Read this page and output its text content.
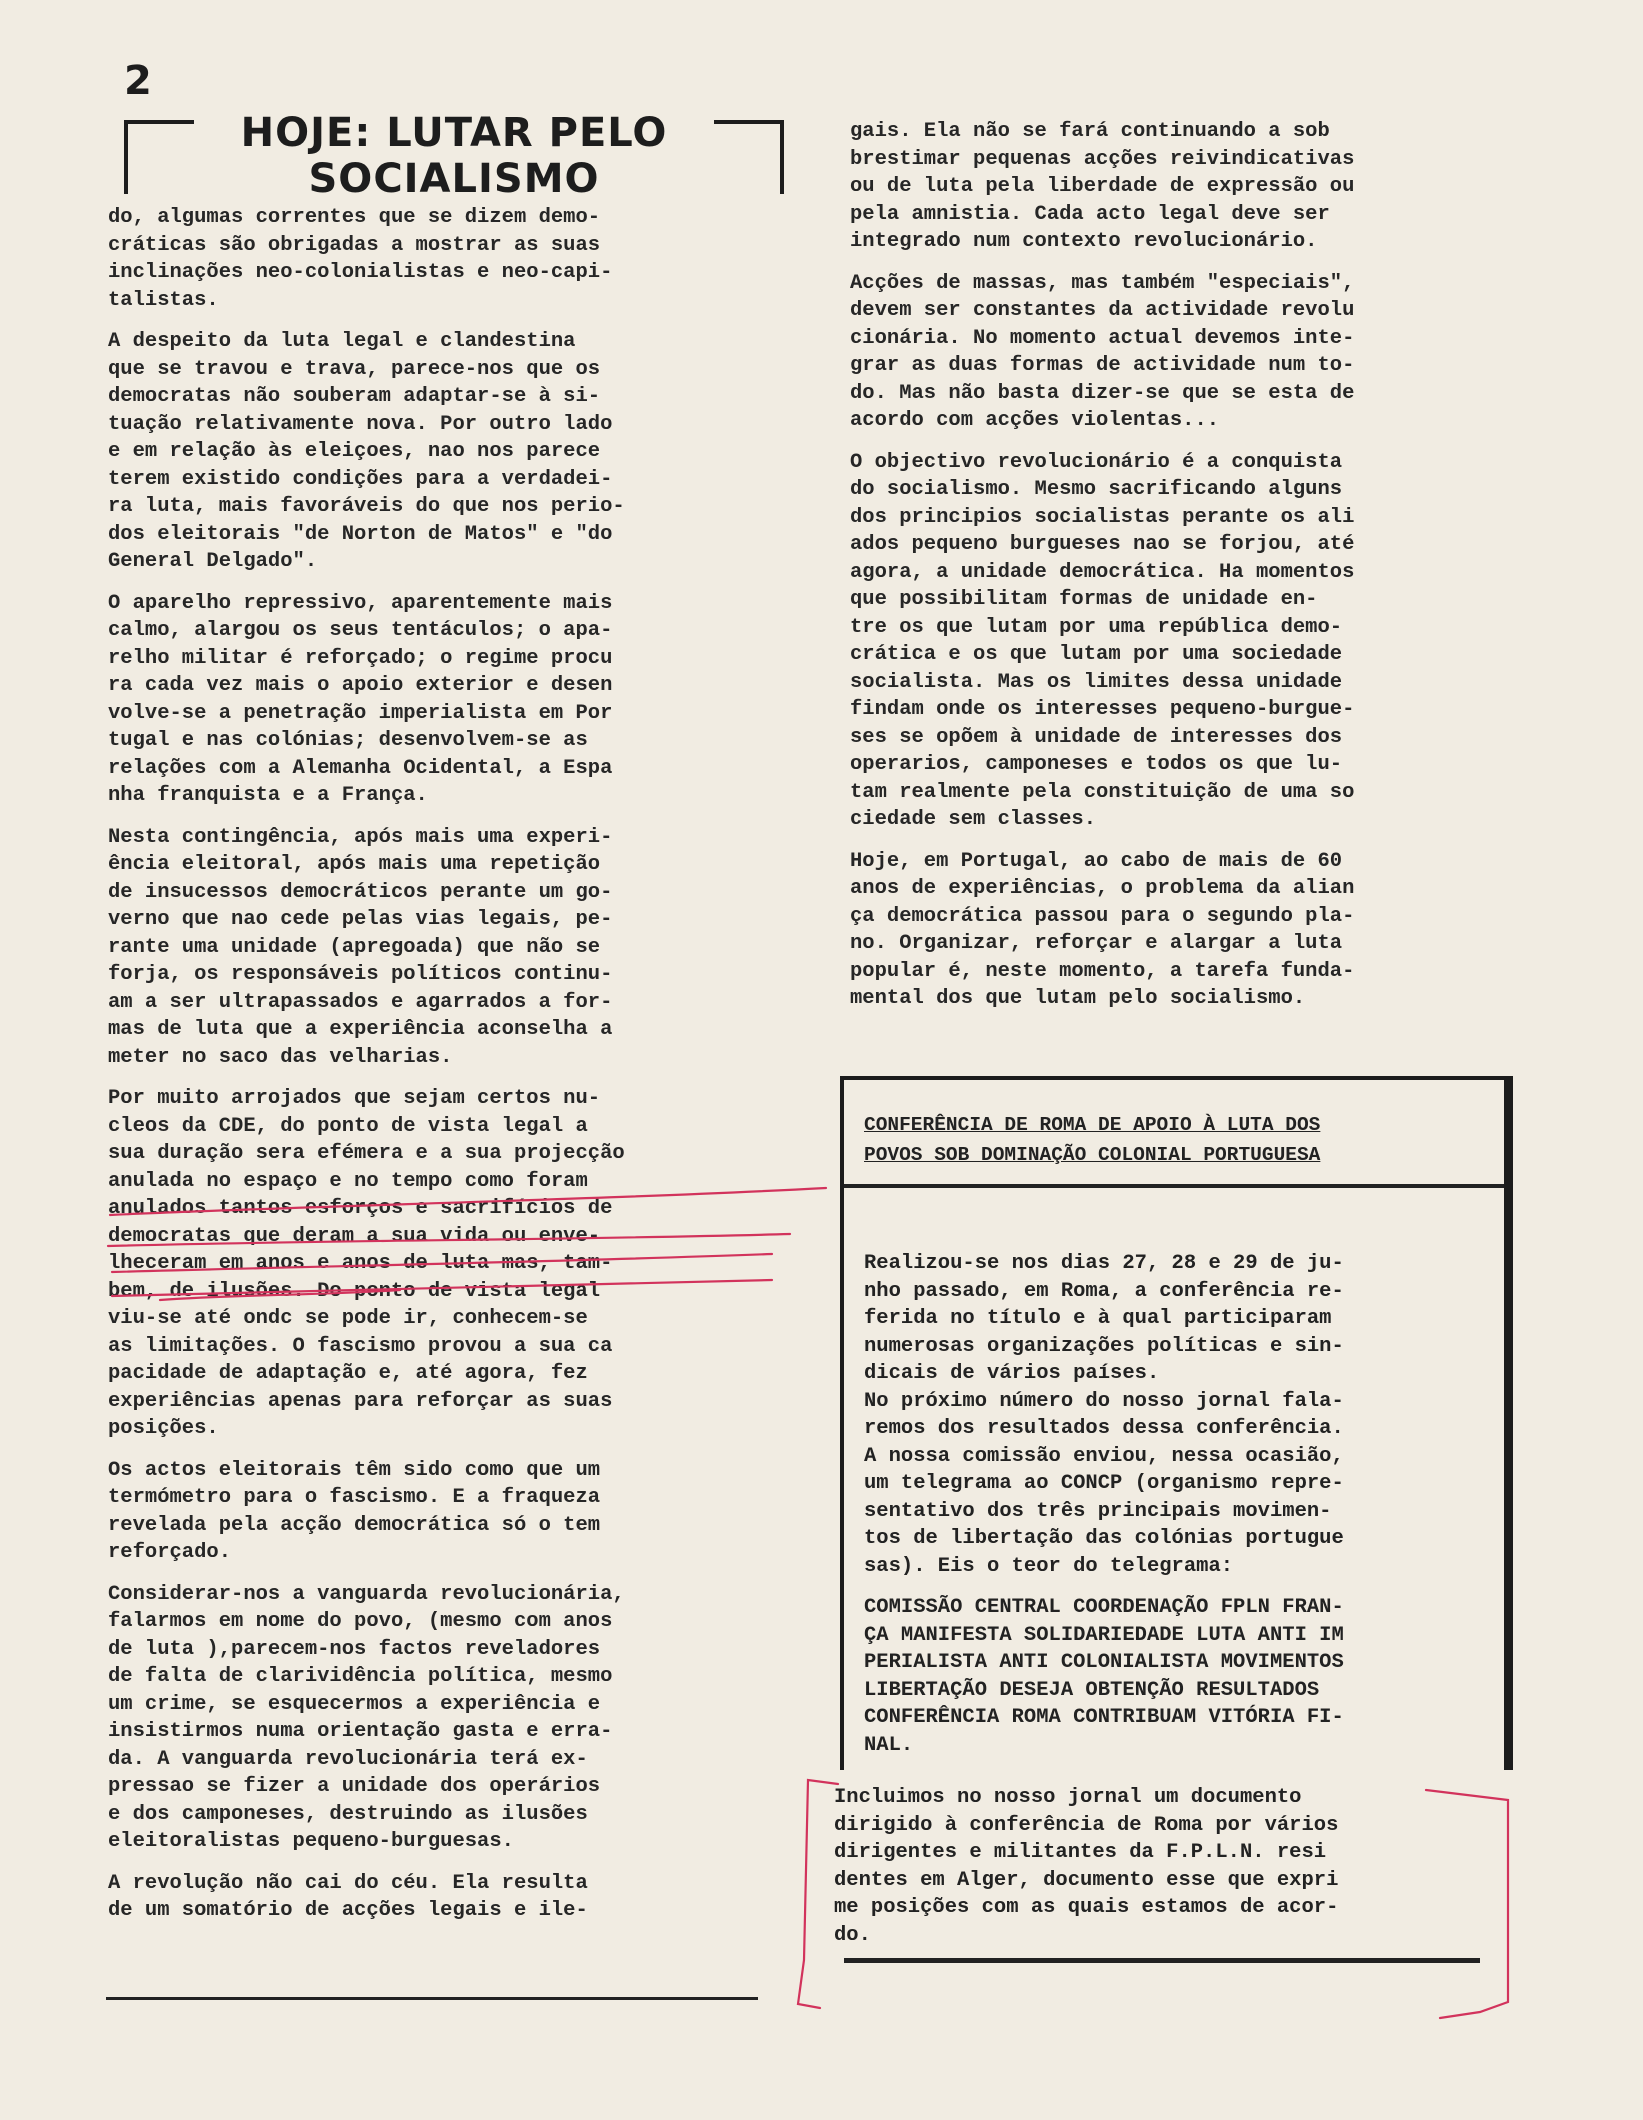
2
HOJE: LUTAR PELO
SOCIALISMO

do, algumas correntes que se dizem demo-
cráticas são obrigadas a mostrar as suas
inclinações neo-colonialistas e neo-capi-
talistas.

A despeito da luta legal e clandestina
que se travou e trava, parece-nos que os
democratas não souberam adaptar-se à si-
tuação relativamente nova. Por outro lado
e em relação às eleiçoes, nao nos parece
terem existido condições para a verdadei-
ra luta, mais favoráveis do que nos perio-
dos eleitorais "de Norton de Matos" e "do
General Delgado".

O aparelho repressivo, aparentemente mais
calmo, alargou os seus tentáculos; o apa-
relho militar é reforçado; o regime procu
ra cada vez mais o apoio exterior e desen
volve-se a penetração imperialista em Por
tugal e nas colónias; desenvolvem-se as
relações com a Alemanha Ocidental, a Espa
nha franquista e a França.

Nesta contingência, após mais uma experi-
ência eleitoral, após mais uma repetição
de insucessos democráticos perante um go-
verno que nao cede pelas vias legais, pe-
rante uma unidade (apregoada) que não se
forja, os responsáveis políticos continu-
am a ser ultrapassados e agarrados a for-
mas de luta que a experiência aconselha a
meter no saco das velharias.

Por muito arrojados que sejam certos nu-
cleos da CDE, do ponto de vista legal a
sua duração sera efémera e a sua projecção
anulada no espaço e no tempo como foram
anulados tantos esforços e sacrifícios de
democratas que deram a sua vida ou enve-
lheceram em anos e anos de luta mas, tam-
bem, de ilusões. Do ponto de vista legal
viu-se até ondc se pode ir, conhecem-se
as limitações. O fascismo provou a sua ca
pacidade de adaptação e, até agora, fez
experiências apenas para reforçar as suas
posições.

Os actos eleitorais têm sido como que um
termómetro para o fascismo. E a fraqueza
revelada pela acção democrática só o tem
reforçado.

Considerar-nos a vanguarda revolucionária,
falarmos em nome do povo, (mesmo com anos
de luta ),parecem-nos factos reveladores
de falta de clarividência política, mesmo
um crime, se esquecermos a experiência e
insistirmos numa orientação gasta e erra-
da. A vanguarda revolucionária terá ex-
pressao se fizer a unidade dos operários
e dos camponeses, destruindo as ilusões
eleitoralistas pequeno-burguesas.

A revolução não cai do céu. Ela resulta
de um somatório de acções legais e ile-

gais. Ela não se fará continuando a sob
brestimar pequenas acções reivindicativas
ou de luta pela liberdade de expressão ou
pela amnistia. Cada acto legal deve ser
integrado num contexto revolucionário.

Acções de massas, mas também "especiais",
devem ser constantes da actividade revolu
cionária. No momento actual devemos inte-
grar as duas formas de actividade num to-
do. Mas não basta dizer-se que se esta de
acordo com acções violentas...

O objectivo revolucionário é a conquista
do socialismo. Mesmo sacrificando alguns
dos principios socialistas perante os ali
ados pequeno burgueses nao se forjou, até
agora, a unidade democrática. Ha momentos
que possibilitam formas de unidade en-
tre os que lutam por uma república demo-
crática e os que lutam por uma sociedade
socialista. Mas os limites dessa unidade
findam onde os interesses pequeno-burgue-
ses se opõem à unidade de interesses dos
operarios, camponeses e todos os que lu-
tam realmente pela constituição de uma so
ciedade sem classes.

Hoje, em Portugal, ao cabo de mais de 60
anos de experiências, o problema da alian
ça democrática passou para o segundo pla-
no. Organizar, reforçar e alargar a luta
popular é, neste momento, a tarefa funda-
mental dos que lutam pelo socialismo.

CONFERÊNCIA DE ROMA DE APOIO À LUTA DOS
POVOS SOB DOMINAÇÃO COLONIAL PORTUGUESA

Realizou-se nos dias 27, 28 e 29 de ju-
nho passado, em Roma, a conferência re-
ferida no título e à qual participaram
numerosas organizações políticas e sin-
dicais de vários países.
No próximo número do nosso jornal fala-
remos dos resultados dessa conferência.
A nossa comissão enviou, nessa ocasião,
um telegrama ao CONCP (organismo repre-
sentativo dos três principais movimen-
tos de libertação das colónias portugue
sas). Eis o teor do telegrama:

COMISSÃO CENTRAL COORDENAÇÃO FPLN FRAN-
ÇA MANIFESTA SOLIDARIEDADE LUTA ANTI IM
PERIALISTA ANTI COLONIALISTA MOVIMENTOS
LIBERTAÇÃO DESEJA OBTENÇÃO RESULTADOS
CONFERÊNCIA ROMA CONTRIBUAM VITÓRIA FI-
NAL.

Incluimos no nosso jornal um documento
dirigido à conferência de Roma por vários
dirigentes e militantes da F.P.L.N. resi
dentes em Alger, documento esse que expri
me posições com as quais estamos de acor-
do.
